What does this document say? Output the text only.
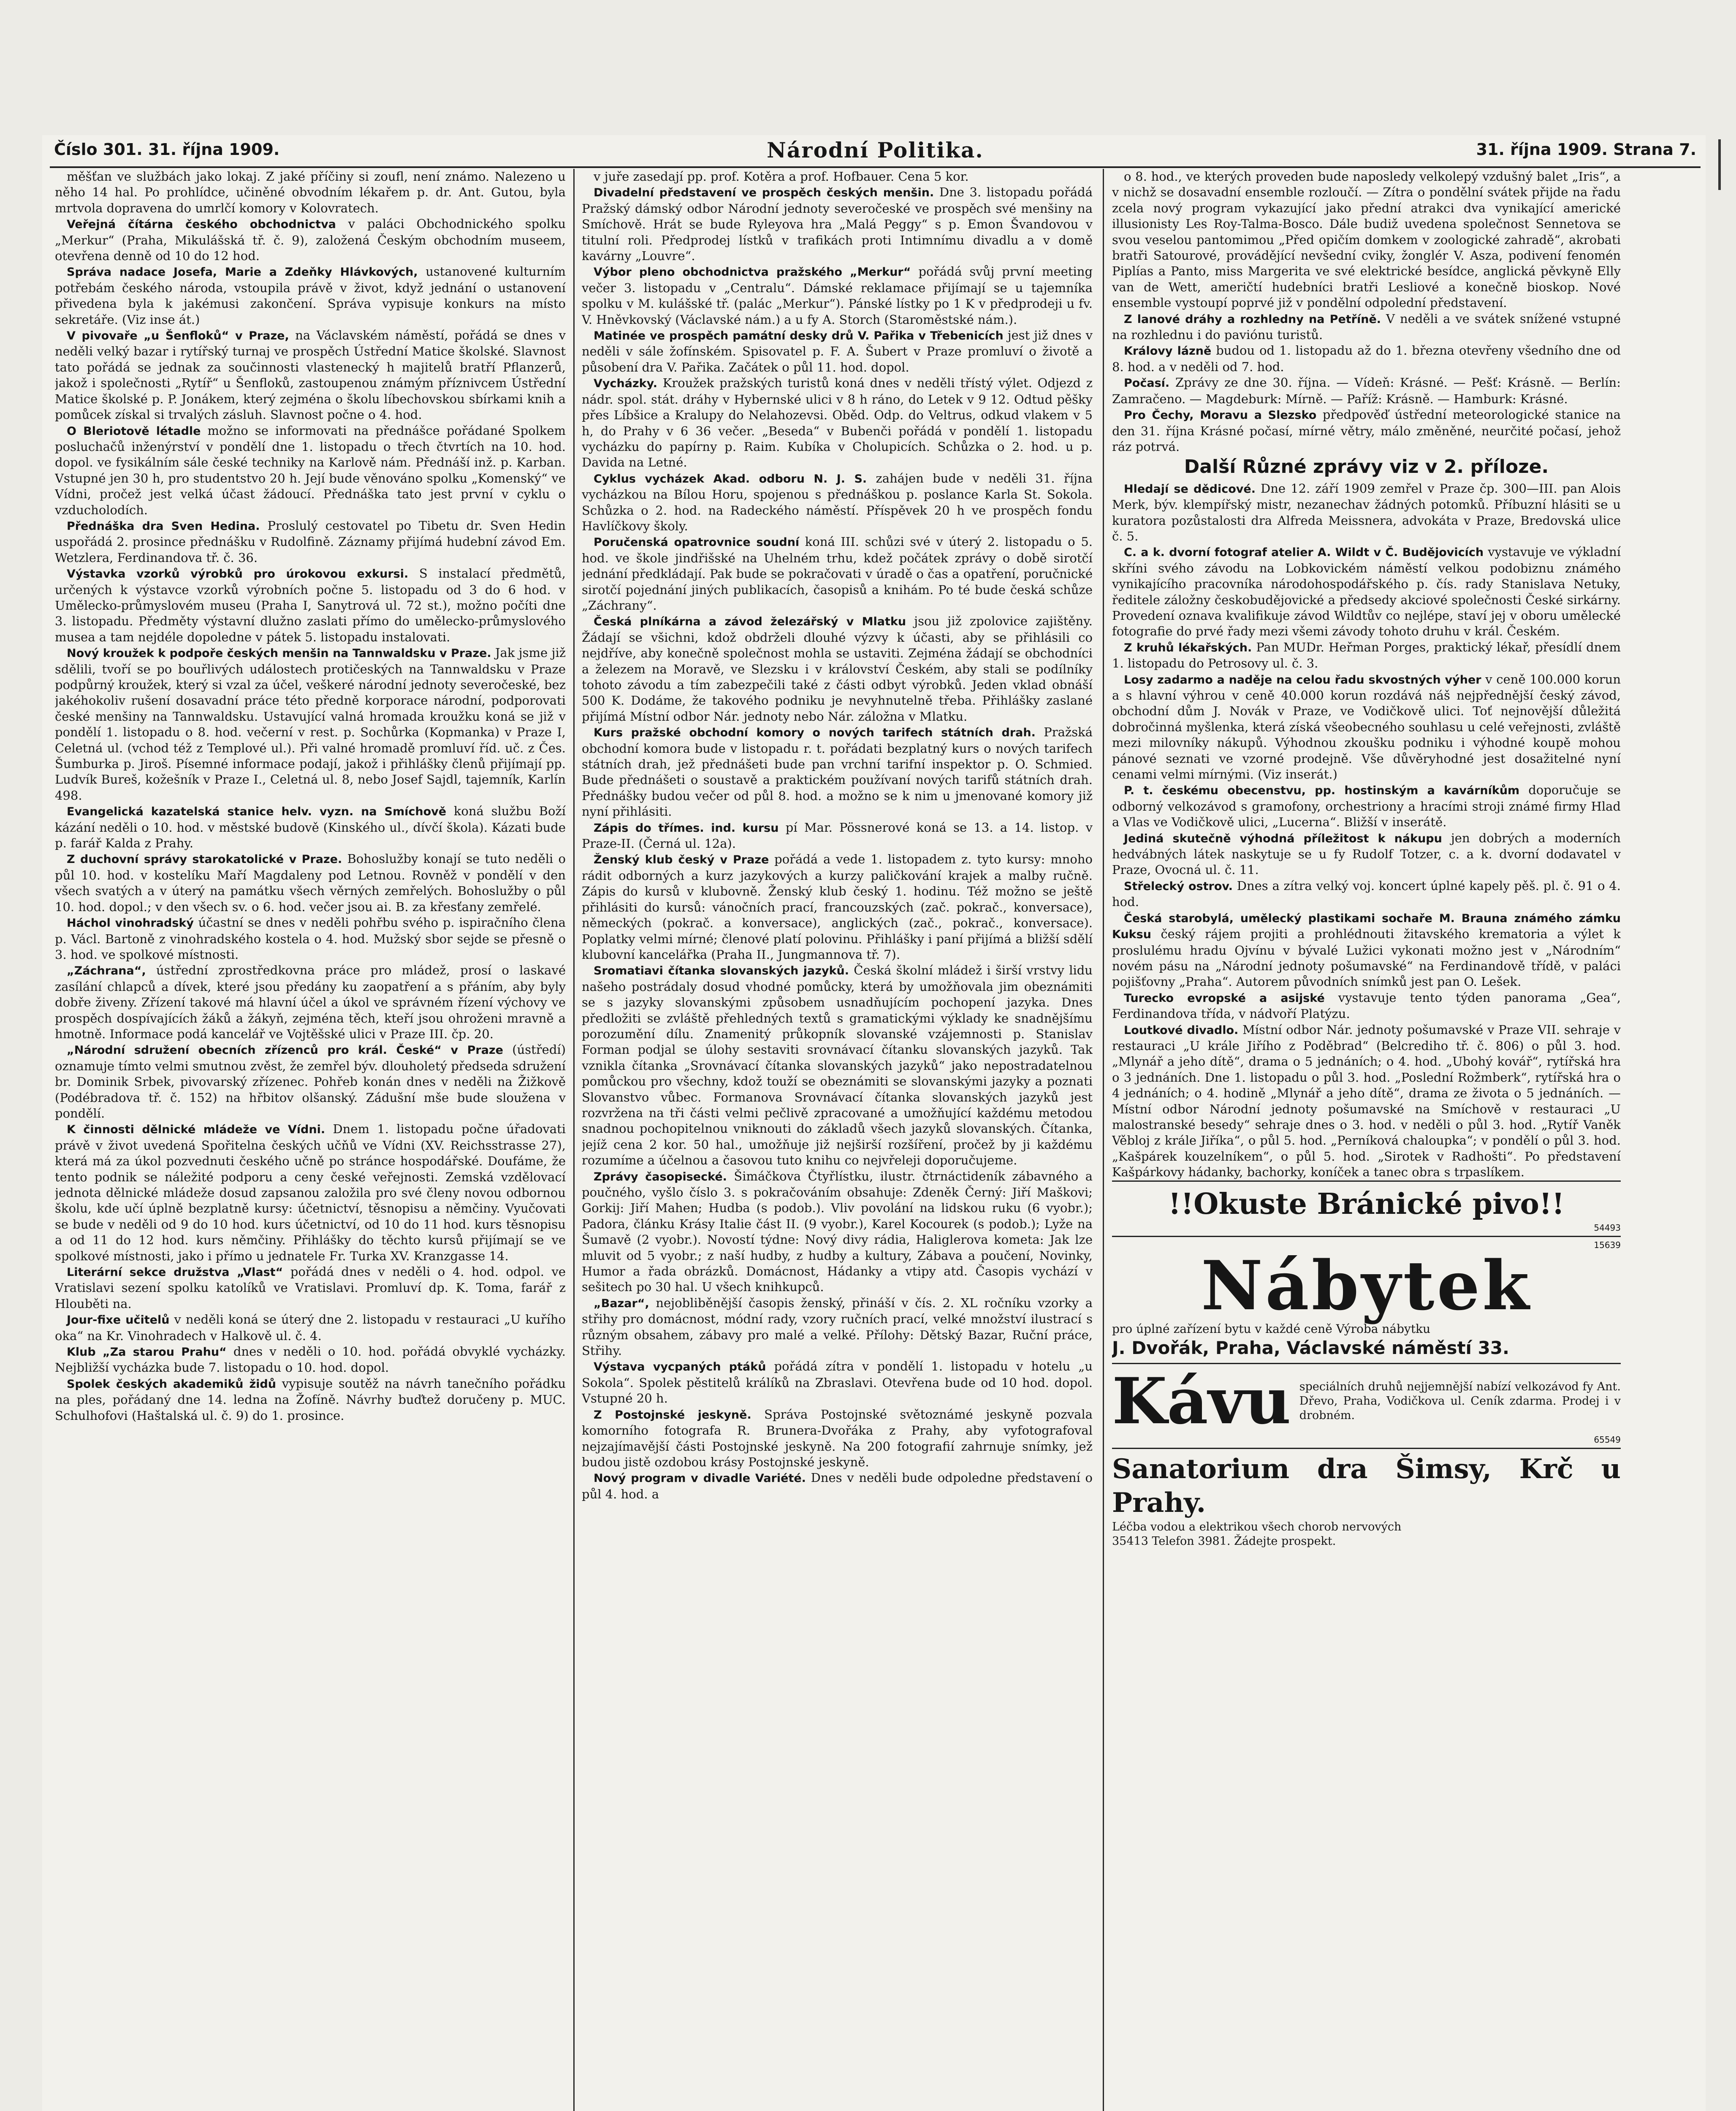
Číslo 301. 31. října 1909.	Národní Politika.	31. října 1909. Strana 7.

měšťan ve službách jako lokaj. Z jaké příčiny si zoufl, není známo. Nalezeno u něho 14 hal. Po prohlídce, učiněné obvodním lékařem p. dr. Ant. Gutou, byla mrtvola dopravena do umrlčí komory v Kolovratech.

Veřejná čítárna českého obchodnictva v paláci Obchodnického spolku „Merkur“ (Praha, Mikulášská tř. č. 9), založená Českým obchodním museem, otevřena denně od 10 do 12 hod.

Správa nadace Josefa, Marie a Zdeňky Hlávkových, ustanovené kulturním potřebám českého národa, vstoupila právě v život, když jednání o ustanovení přivedena byla k jakémusi zakončení. Správa vypisuje konkurs na místo sekretáře. (Viz inse át.)

V pivovaře „u Šenfloků“ v Praze, na Václavském náměstí, pořádá se dnes v neděli velký bazar i rytířský turnaj ve prospěch Ústřední Matice školské. Slavnost tato pořádá se jednak za součinnosti vlastenecký h majitelů bratří Pflanzerů, jakož i společnosti „Rytíř“ u Šenfloků, zastoupenou známým příznivcem Ústřední Matice školské p. P. Jonákem, který zejména o školu líbechovskou sbírkami knih a pomůcek získal si trvalých zásluh. Slavnost počne o 4. hod.

O Bleriotově létadle možno se informovati na přednášce pořádané Spolkem posluchačů inženýrství v pondělí dne 1. listopadu o třech čtvrtích na 10. hod. dopol. ve fysikálním sále české techniky na Karlově nám. Přednáší inž. p. Karban. Vstupné jen 30 h, pro studentstvo 20 h. Její bude věnováno spolku „Komenský“ ve Vídni, pročež jest velká účast žádoucí. Přednáška tato jest první v cyklu o vzducholodích.

Přednáška dra Sven Hedina. Proslulý cestovatel po Tibetu dr. Sven Hedin uspořádá 2. prosince přednášku v Rudolfině. Záznamy přijímá hudební závod Em. Wetzlera, Ferdinandova tř. č. 36.

Výstavka vzorků výrobků pro úrokovou exkursi. S instalací předmětů, určených k výstavce vzorků výrobních počne 5. listopadu od 3 do 6 hod. v Umělecko-průmyslovém museu (Praha I, Sanytrová ul. 72 st.), možno počíti dne 3. listopadu. Předměty výstavní dlužno zaslati přímo do umělecko-průmyslového musea a tam nejdéle dopoledne v pátek 5. listopadu instalovati.

Nový kroužek k podpoře českých menšin na Tannwaldsku v Praze. Jak jsme již sdělili, tvoří se po bouřlivých událostech protičeských na Tannwaldsku v Praze podpůrný kroužek, který si vzal za účel, veškeré národní jednoty severočeské, bez jakéhokoliv rušení dosavadní práce této předně korporace národní, podporovati české menšiny na Tannwaldsku. Ustavující valná hromada kroužku koná se již v pondělí 1. listopadu o 8. hod. večerní v rest. p. Sochůrka (Kopmanka) v Praze I, Celetná ul. (vchod též z Templové ul.). Při valné hromadě promluví říd. uč. z Čes. Šumburka p. Jiroš. Písemné informace podají, jakož i přihlášky členů přijímají pp. Ludvík Bureš, kožešník v Praze I., Celetná ul. 8, nebo Josef Sajdl, tajemník, Karlín 498.

Evangelická kazatelská stanice helv. vyzn. na Smíchově koná službu Boží kázání neděli o 10. hod. v městské budově (Kinského ul., dívčí škola). Kázati bude p. farář Kalda z Prahy.

Z duchovní správy starokatolické v Praze. Bohoslužby konají se tuto neděli o půl 10. hod. v kostelíku Maří Magdaleny pod Letnou. Rovněž v pondělí v den všech svatých a v úterý na památku všech věrných zemřelých. Bohoslužby o půl 10. hod. dopol.; v den všech sv. o 6. hod. večer jsou ai. B. za křesťany zemřelé.

Háchol vinohradský účastní se dnes v neděli pohřbu svého p. ispiračního člena p. Václ. Bartoně z vinohradského kostela o 4. hod. Mužský sbor sejde se přesně o 3. hod. ve spolkové místnosti.

„Záchrana“, ústřední zprostředkovna práce pro mládež, prosí o laskavé zasílání chlapců a dívek, které jsou předány ku zaopatření a s přáním, aby byly dobře živeny. Zřízení takové má hlavní účel a úkol ve správném řízení výchovy ve prospěch dospívajících žáků a žákyň, zejména těch, kteří jsou ohroženi mravně a hmotně. Informace podá kancelář ve Vojtěšské ulici v Praze III. čp. 20.

„Národní sdružení obecních zřízenců pro král. České“ v Praze (ústředí) oznamuje tímto velmi smutnou zvěst, že zemřel býv. dlouholetý předseda sdružení br. Dominik Srbek, pivovarský zřízenec. Pohřeb konán dnes v neděli na Žižkově (Podébradova tř. č. 152) na hřbitov olšanský. Zádušní mše bude sloužena v pondělí.

K činnosti dělnické mládeže ve Vídni. Dnem 1. listopadu počne úřadovati právě v život uvedená Spořitelna českých učňů ve Vídni (XV. Reichsstrasse 27), která má za úkol pozvednuti českého učně po stránce hospodářské. Doufáme, že tento podnik se náležité podporu a ceny české veřejnosti. Zemská vzdělovací jednota dělnické mládeže dosud zapsanou založila pro své členy novou odbornou školu, kde učí úplně bezplatně kursy: účetnictví, těsnopisu a němčiny. Vyučovati se bude v neděli od 9 do 10 hod. kurs účetnictví, od 10 do 11 hod. kurs těsnopisu a od 11 do 12 hod. kurs němčiny. Přihlášky do těchto kursů přijímají se ve spolkové místnosti, jako i přímo u jednatele Fr. Turka XV. Kranzgasse 14.

Literární sekce družstva „Vlast“ pořádá dnes v neděli o 4. hod. odpol. ve Vratislavi sezení spolku katolíků ve Vratislavi. Promluví dp. K. Toma, farář z Hlouběti na.

Jour-fixe učitelů v neděli koná se úterý dne 2. listopadu v restauraci „U kuřího oka“ na Kr. Vinohradech v Halkově ul. č. 4.

Klub „Za starou Prahu“ dnes v neděli o 10. hod. pořádá obvyklé vycházky. Nejbližší vycházka bude 7. listopadu o 10. hod. dopol.

Spolek českých akademiků židů vypisuje soutěž na návrh tanečního pořádku na ples, pořádaný dne 14. ledna na Žofíně. Návrhy buďtež doručeny p. MUC. Schulhofovi (Haštalská ul. č. 9) do 1. prosince.

v juře zasedají pp. prof. Kotěra a prof. Hofbauer. Cena 5 kor.

Divadelní představení ve prospěch českých menšin. Dne 3. listopadu pořádá Pražský dámský odbor Národní jednoty severočeské ve prospěch své menšiny na Smíchově. Hrát se bude Ryleyova hra „Malá Peggy“ s p. Emon Švandovou v titulní roli. Předprodej lístků v trafikách proti Intimnímu divadlu a v domě kavárny „Louvre“.

Výbor pleno obchodnictva pražského „Merkur“ pořádá svůj první meeting večer 3. listopadu v „Centralu“. Dámské reklamace přijímají se u tajemníka spolku v M. kulášské tř. (palác „Merkur“). Pánské lístky po 1 K v předprodeji u fv. V. Hněvkovský (Václavské nám.) a u fy A. Storch (Staroměstské nám.).

Matinée ve prospěch památní desky drů V. Pařika v Třebenicích jest již dnes v neděli v sále žofínském. Spisovatel p. F. A. Šubert v Praze promluví o životě a působení dra V. Pařika. Začátek o půl 11. hod. dopol.

Vycházky. Kroužek pražských turistů koná dnes v neděli třístý výlet. Odjezd z nádr. spol. stát. dráhy v Hybernské ulici v 8 h ráno, do Letek v 9 12. Odtud pěšky přes Líbšice a Kralupy do Nelahozevsi. Oběd. Odp. do Veltrus, odkud vlakem v 5 h, do Prahy v 6 36 večer. „Beseda“ v Bubenči pořádá v pondělí 1. listopadu vycházku do papírny p. Raim. Kubíka v Cholupicích. Schůzka o 2. hod. u p. Davida na Letné.

Cyklus vycházek Akad. odboru N. J. S. zahájen bude v neděli 31. října vycházkou na Bílou Horu, spojenou s přednáškou p. poslance Karla St. Sokola. Schůzka o 2. hod. na Radeckého náměstí. Příspěvek 20 h ve prospěch fondu Havlíčkovy školy.

Poručenská opatrovnice soudní koná III. schůzi své v úterý 2. listopadu o 5. hod. ve škole jindřišské na Uhelném trhu, kdež počátek zprávy o době sirotčí jednání předkládají. Pak bude se pokračovati v úradě o čas a opatření, poručnické sirotčí pojednání jiných publikacích, časopisů a knihám. Po té bude česká schůze „Záchrany“.

Česká plníkárna a závod železářský v Mlatku jsou již zpolovice zajištěny. Žádají se všichni, kdož obdrželi dlouhé výzvy k účasti, aby se přihlásili co nejdříve, aby konečně společnost mohla se ustaviti. Zejména žádají se obchodníci a železem na Moravě, ve Slezsku i v království Českém, aby stali se podílníky tohoto závodu a tím zabezpečili také z části odbyt výrobků. Jeden vklad obnáší 500 K. Dodáme, že takového podniku je nevyhnutelně třeba. Přihlášky zaslané přijímá Místní odbor Nár. jednoty nebo Nár. záložna v Mlatku.

Kurs pražské obchodní komory o nových tarifech státních drah. Pražská obchodní komora bude v listopadu r. t. pořádati bezplatný kurs o nových tarifech státních drah, jež přednášeti bude pan vrchní tarifní inspektor p. O. Schmied. Bude přednášeti o soustavě a praktickém používaní nových tarifů státních drah. Přednášky budou večer od půl 8. hod. a možno se k nim u jmenované komory již nyní přihlásiti.

Zápis do třímes. ind. kursu pí Mar. Pössnerové koná se 13. a 14. listop. v Praze-II. (Černá ul. 12a).

Ženský klub český v Praze pořádá a vede 1. listopadem z. tyto kursy: mnoho rádit odborných a kurz jazykových a kurzy paličkování krajek a malby ručně. Zápis do kursů v klubovně. Ženský klub český 1. hodinu. Též možno se ještě přihlásiti do kursů: vánočních prací, francouzských (zač. pokrač., konversace), německých (pokrač. a konversace), anglických (zač., pokrač., konversace). Poplatky velmi mírné; členové platí polovinu. Přihlášky i paní přijímá a bližší sdělí klubovní kancelářka (Praha II., Jungmannova tř. 7).

Sromatiavi čítanka slovanských jazyků. Česká školní mládež i širší vrstvy lidu našeho postrádaly dosud vhodné pomůcky, která by umožňovala jim obeznámiti se s jazyky slovanskými způsobem usnadňujícím pochopení jazyka. Dnes předložiti se zvláště přehledných textů s gramatickými výklady ke snadnějšímu porozumění dílu. Znamenitý průkopník slovanské vzájemnosti p. Stanislav Forman podjal se úlohy sestaviti srovnávací čítanku slovanských jazyků. Tak vznikla čítanka „Srovnávací čítanka slovanských jazyků“ jako nepostradatelnou pomůckou pro všechny, kdož touží se obeznámiti se slovanskými jazyky a poznati Slovanstvo vůbec. Formanova Srovnávací čítanka slovanských jazyků jest rozvržena na tři části velmi pečlivě zpracované a umožňující každému metodou snadnou pochopitelnou vniknouti do základů všech jazyků slovanských. Čítanka, jejíž cena 2 kor. 50 hal., umožňuje již nejširší rozšíření, pročež by ji každému rozumíme a účelnou a časovou tuto knihu co nejvřeleji doporučujeme.

Zprávy časopisecké. Šimáčkova Čtyřlístku, ilustr. čtrnáctideník zábavného a poučného, vyšlo číslo 3. s pokračováním obsahuje: Zdeněk Černý: Jiří Maškovi; Gorkij: Jiří Mahen; Hudba (s podob.). Vliv povolání na lidskou ruku (6 vyobr.); Padora, článku Krásy Italie část II. (9 vyobr.), Karel Kocourek (s podob.); Lyže na Šumavě (2 vyobr.). Novostí týdne: Nový divy rádia, Haliglerova kometa: Jak lze mluvit od 5 vyobr.; z naší hudby, z hudby a kultury, Zábava a poučení, Novinky, Humor a řada obrázků. Domácnost, Hádanky a vtipy atd. Časopis vychází v sešitech po 30 hal. U všech knihkupců.

„Bazar“, nejobliběnější časopis ženský, přináší v čís. 2. XL ročníku vzorky a střihy pro domácnost, módní rady, vzory ručních prací, velké množství ilustrací s různým obsahem, zábavy pro malé a velké. Přílohy: Dětský Bazar, Ruční práce, Střihy.

Výstava vycpaných ptáků pořádá zítra v pondělí 1. listopadu v hotelu „u Sokola“. Spolek pěstitelů králíků na Zbraslavi. Otevřena bude od 10 hod. dopol. Vstupné 20 h.

Z Postojnské jeskyně. Správa Postojnské světoznámé jeskyně pozvala komorního fotografa R. Brunera-Dvořáka z Prahy, aby vyfotografoval nejzajímavější části Postojnské jeskyně. Na 200 fotografií zahrnuje snímky, jež budou jistě ozdobou krásy Postojnské jeskyně.

Nový program v divadle Variété. Dnes v neděli bude odpoledne představení o půl 4. hod. a

o 8. hod., ve kterých proveden bude naposledy velkolepý vzdušný balet „Iris“, a v nichž se dosavadní ensemble rozloučí. — Zítra o pondělní svátek přijde na řadu zcela nový program vykazující jako přední atrakci dva vynikající americké illusionisty Les Roy-Talma-Bosco. Dále budiž uvedena společnost Sennetova se svou veselou pantomimou „Před opičím domkem v zoologické zahradě“, akrobati bratři Satourové, provádějící nevšední cviky, žonglér V. Asza, podivení fenomén Piplías a Panto, miss Margerita ve své elektrické besídce, anglická pěvkyně Elly van de Wett, američtí hudebníci bratři Lesliové a konečně bioskop. Nové ensemble vystoupí poprvé již v pondělní odpolední představení.

Z lanové dráhy a rozhledny na Petříně. V neděli a ve svátek snížené vstupné na rozhlednu i do paviónu turistů.

Královy lázně budou od 1. listopadu až do 1. března otevřeny všedního dne od 8. hod. a v neděli od 7. hod.

Počasí. Zprávy ze dne 30. října. — Vídeň: Krásné. — Pešť: Krásně. — Berlín: Zamračeno. — Magdeburk: Mírně. — Paříž: Krásně. — Hamburk: Krásné.

Pro Čechy, Moravu a Slezsko předpověď ústřední meteorologické stanice na den 31. října Krásné počasí, mírné větry, málo změněné, neurčité počasí, jehož ráz potrvá.

Další Různé zprávy viz v 2. příloze.

Hledají se dědicové. Dne 12. září 1909 zemřel v Praze čp. 300—III. pan Alois Merk, býv. klempířský mistr, nezanechav žádných potomků. Příbuzní hlásiti se u kuratora pozůstalosti dra Alfreda Meissnera, advokáta v Praze, Bredovská ulice č. 5.

C. a k. dvorní fotograf atelier A. Wildt v Č. Budějovicích vystavuje ve výkladní skříni svého závodu na Lobkovickém náměstí velkou podobiznu známého vynikajícího pracovníka národohospodářského p. čís. rady Stanislava Netuky, ředitele záložny českobudějovické a předsedy akciové společnosti České sirkárny. Provedení oznava kvalifikuje závod Wildtův co nejlépe, staví jej v oboru umělecké fotografie do prvé řady mezi všemi závody tohoto druhu v král. Českém.

Z kruhů lékařských. Pan MUDr. Heřman Porges, praktický lékař, přesídlí dnem 1. listopadu do Petrosovy ul. č. 3.

Losy zadarmo a naděje na celou řadu skvostných výher v ceně 100.000 korun a s hlavní výhrou v ceně 40.000 korun rozdává náš nejpřednější český závod, obchodní dům J. Novák v Praze, ve Vodičkově ulici. Toť nejnovější důležitá dobročinná myšlenka, která získá všeobecného souhlasu u celé veřejnosti, zvláště mezi milovníky nákupů. Výhodnou zkoušku podniku i výhodné koupě mohou pánové seznati ve vzorné prodejně. Vše důvěryhodné jest dosažitelné nyní cenami velmi mírnými. (Viz inserát.)

P. t. českému obecenstvu, pp. hostinským a kavárníkům doporučuje se odborný velkozávod s gramofony, orchestriony a hracími stroji známé firmy Hlad a Vlas ve Vodičkově ulici, „Lucerna“. Bližší v inserátě.

Jediná skutečně výhodná příležitost k nákupu jen dobrých a moderních hedvábných látek naskytuje se u fy Rudolf Totzer, c. a k. dvorní dodavatel v Praze, Ovocná ul. č. 11.

Střelecký ostrov. Dnes a zítra velký voj. koncert úplné kapely pěš. pl. č. 91 o 4. hod.

Česká starobylá, umělecký plastikami sochaře M. Brauna známého zámku Kuksu český rájem projiti a prohlédnouti žitavského krematoria a výlet k proslulému hradu Ojvínu v bývalé Lužici vykonati možno jest v „Národním“ novém pásu na „Národní jednoty pošumavské“ na Ferdinandově třídě, v paláci pojišťovny „Praha“. Autorem původních snímků jest pan O. Lešek.

Turecko evropské a asijské vystavuje tento týden panorama „Gea“, Ferdinandova třída, v nádvoří Platýzu.

Loutkové divadlo. Místní odbor Nár. jednoty pošumavské v Praze VII. sehraje v restauraci „U krále Jiřího z Poděbrad“ (Belcrediho tř. č. 806) o půl 3. hod. „Mlynář a jeho dítě“, drama o 5 jednáních; o 4. hod. „Ubohý kovář“, rytířská hra o 3 jednáních. Dne 1. listopadu o půl 3. hod. „Poslední Rožmberk“, rytířská hra o 4 jednáních; o 4. hodině „Mlynář a jeho dítě“, drama ze života o 5 jednáních. — Místní odbor Národní jednoty pošumavské na Smíchově v restauraci „U malostranské besedy“ sehraje dnes o 3. hod. v neděli o půl 3. hod. „Rytíř Vaněk Věbloj z krále Jiříka“, o půl 5. hod. „Perníková chaloupka“; v pondělí o půl 3. hod. „Kašpárek kouzelníkem“, o půl 5. hod. „Sirotek v Radhošti“. Po představení Kašpárkovy hádanky, bachorky, koníček a tanec obra s trpaslíkem.

!!Okuste Bránické pivo!!
54493
15639
Nábytek
pro úplné zařízení bytu v každé ceně Výroba nábytku
J. Dvořák, Praha, Václavské náměstí 33.
Kávu speciálních druhů nejjemnější nabízí velkozávod fy Ant. Dřevo, Praha, Vodičkova ul. Ceník zdarma. Prodej i v drobném.
65549
Sanatorium dra Šimsy, Krč u Prahy.
Léčba vodou a elektrikou všech chorob nervových
35413 Telefon 3981. Žádejte prospekt.
